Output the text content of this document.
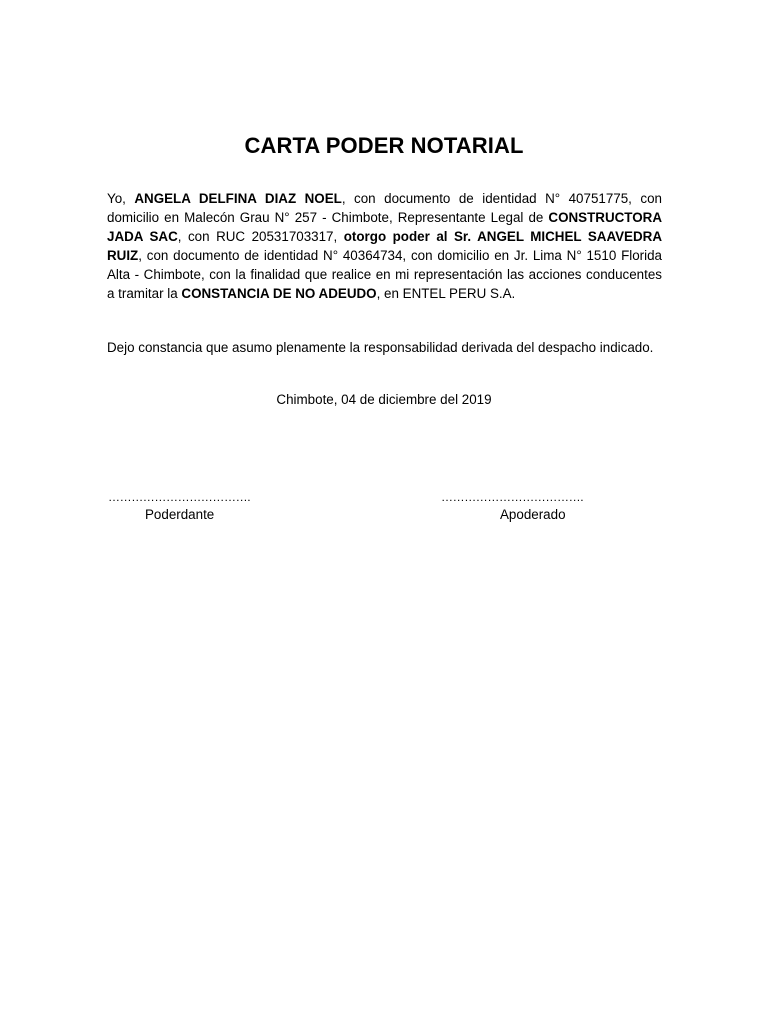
CARTA PODER NOTARIAL
Yo, ANGELA DELFINA DIAZ NOEL, con documento de identidad N° 40751775, con domicilio en Malecón Grau N° 257 - Chimbote, Representante Legal de CONSTRUCTORA JADA SAC, con RUC 20531703317, otorgo poder al Sr. ANGEL MICHEL SAAVEDRA RUIZ, con documento de identidad N° 40364734, con domicilio en Jr. Lima N° 1510 Florida Alta - Chimbote, con la finalidad que realice en mi representación las acciones conducentes a tramitar la CONSTANCIA DE NO ADEUDO, en ENTEL PERU S.A.
Dejo constancia que asumo plenamente la responsabilidad derivada del despacho indicado.
Chimbote, 04 de diciembre del 2019
……………………………….
Poderdante
……………………………….
Apoderado
